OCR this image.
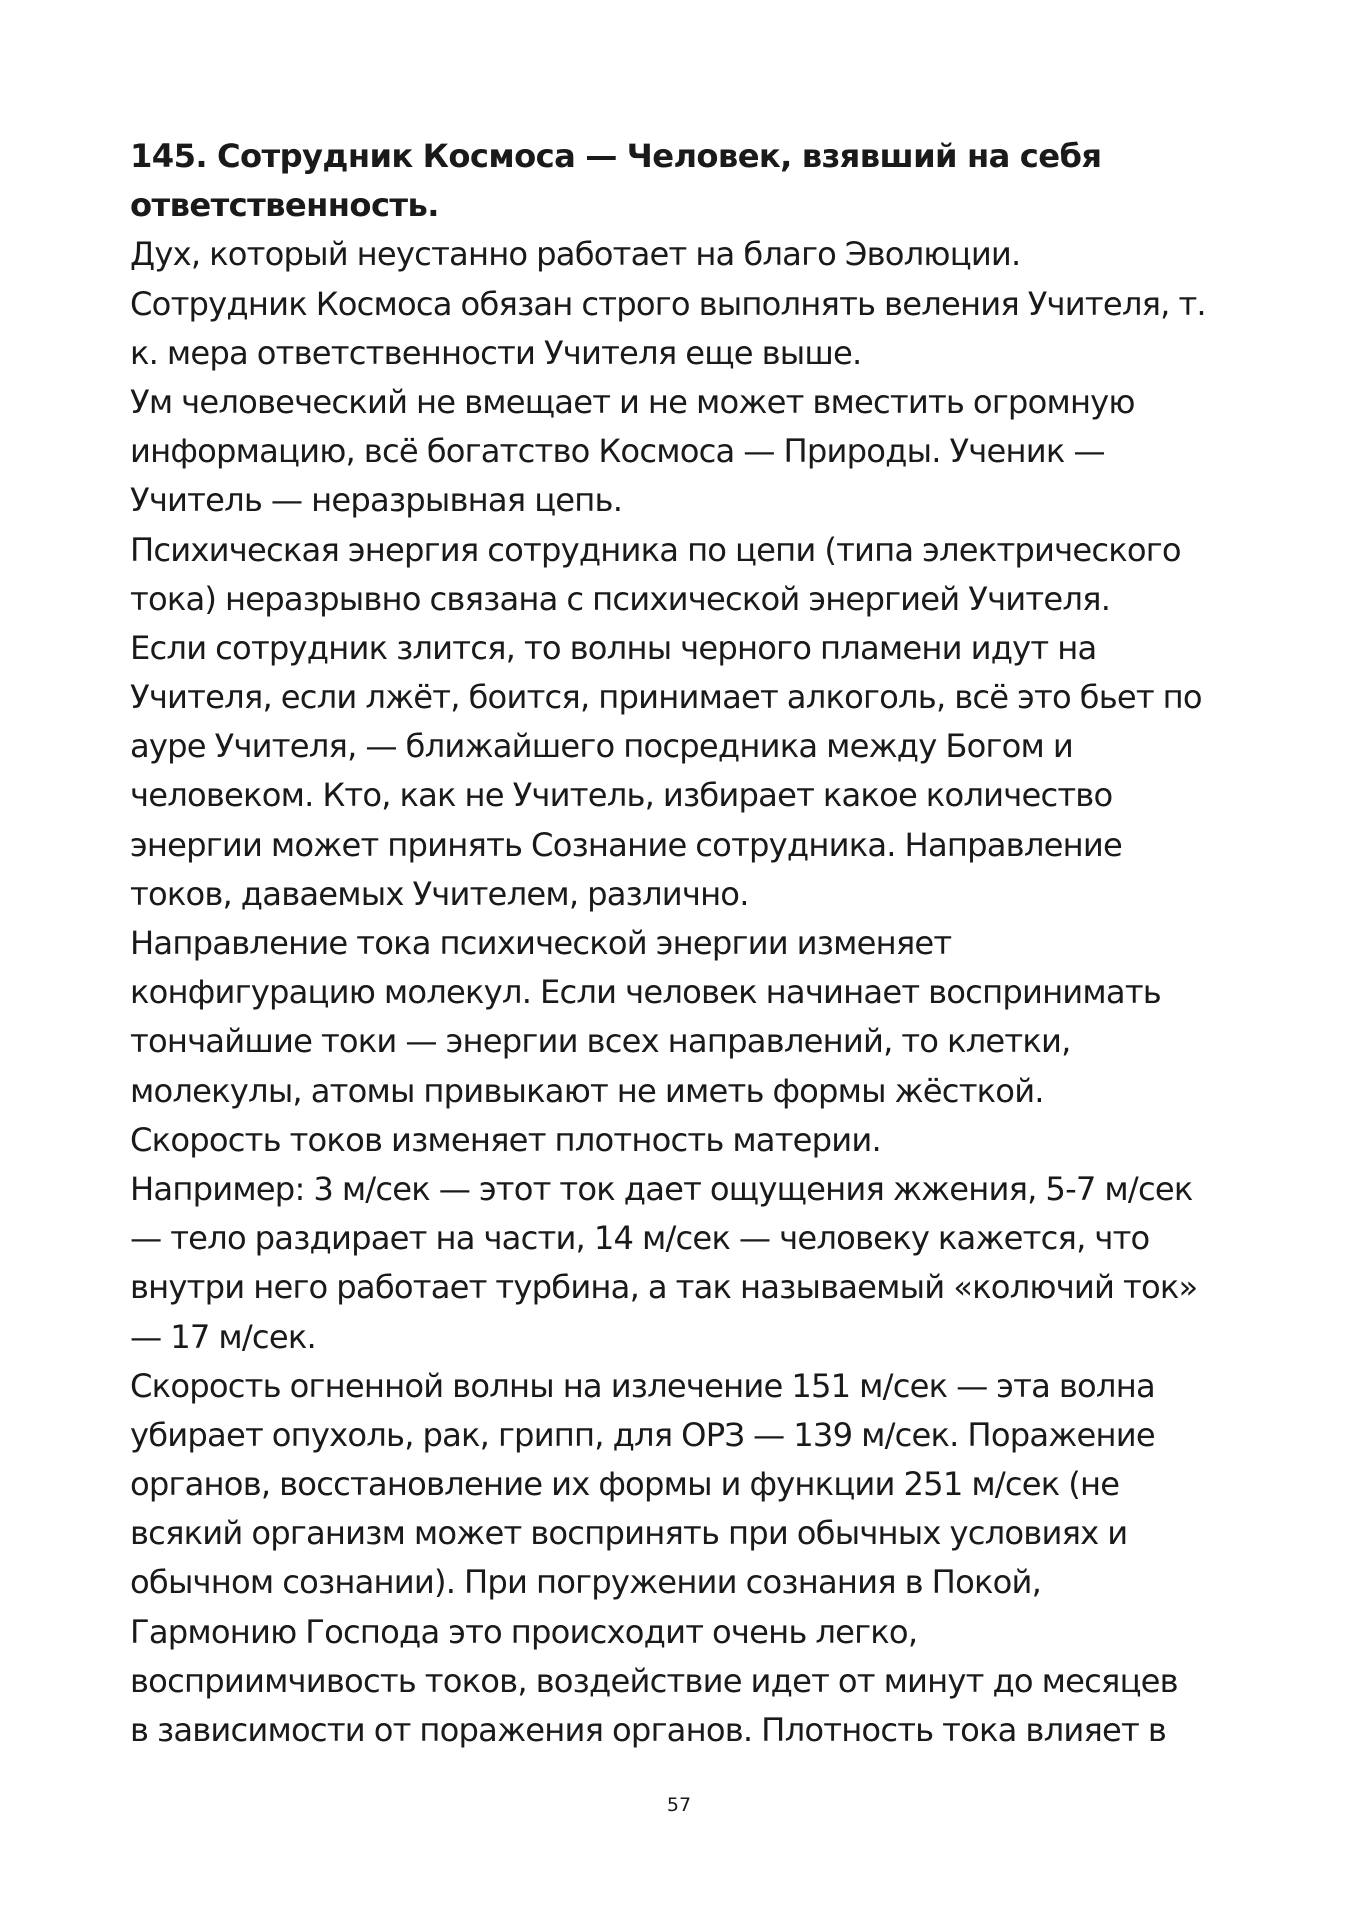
145. Сотрудник Космоса — Человек, взявший на себя
ответственность.
Дух, который неустанно работает на благо Эволюции.
Сотрудник Космоса обязан строго выполнять веления Учителя, т.
к. мера ответственности Учителя еще выше.
Ум человеческий не вмещает и не может вместить огромную
информацию, всё богатство Космоса — Природы. Ученик —
Учитель — неразрывная цепь.
Психическая энергия сотрудника по цепи (типа электрического
тока) неразрывно связана с психической энергией Учителя.
Если сотрудник злится, то волны черного пламени идут на
Учителя, если лжёт, боится, принимает алкоголь, всё это бьет по
ауре Учителя, — ближайшего посредника между Богом и
человеком. Кто, как не Учитель, избирает какое количество
энергии может принять Сознание сотрудника. Направление
токов, даваемых Учителем, различно.
Направление тока психической энергии изменяет
конфигурацию молекул. Если человек начинает воспринимать
тончайшие токи — энергии всех направлений, то клетки,
молекулы, атомы привыкают не иметь формы жёсткой.
Скорость токов изменяет плотность материи.
Например: 3 м/сек — этот ток дает ощущения жжения, 5-7 м/сек
— тело раздирает на части, 14 м/сек — человеку кажется, что
внутри него работает турбина, а так называемый «колючий ток»
— 17 м/сек.
Скорость огненной волны на излечение 151 м/сек — эта волна
убирает опухоль, рак, грипп, для ОРЗ — 139 м/сек. Поражение
органов, восстановление их формы и функции 251 м/сек (не
всякий организм может воспринять при обычных условиях и
обычном сознании). При погружении сознания в Покой,
Гармонию Господа это происходит очень легко,
восприимчивость токов, воздействие идет от минут до месяцев
в зависимости от поражения органов. Плотность тока влияет в
57
